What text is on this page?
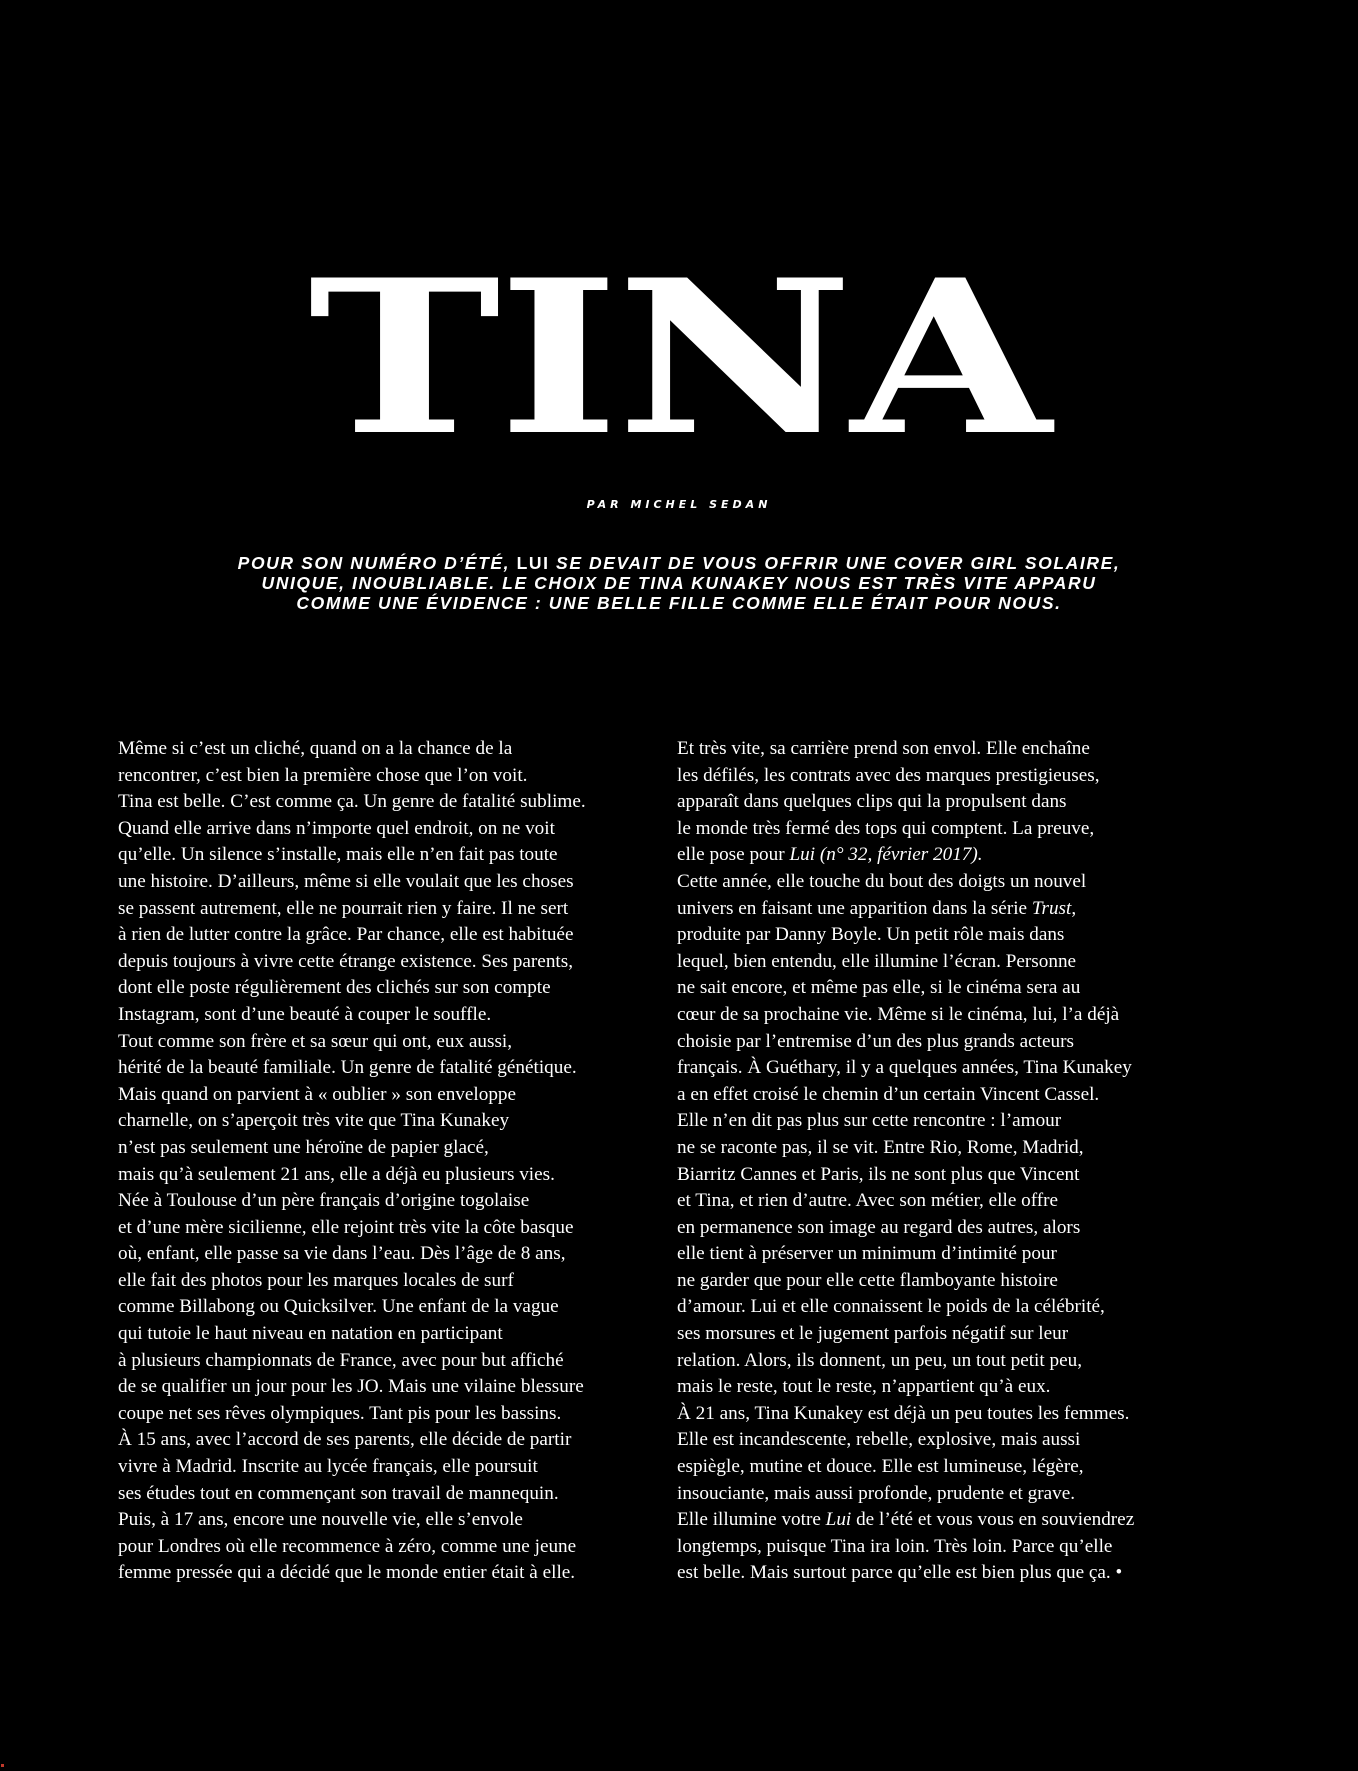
TINA
PAR MICHEL SEDAN
POUR SON NUMÉRO D’ÉTÉ, LUI SE DEVAIT DE VOUS OFFRIR UNE COVER GIRL SOLAIRE,
UNIQUE, INOUBLIABLE. LE CHOIX DE TINA KUNAKEY NOUS EST TRÈS VITE APPARU
COMME UNE ÉVIDENCE : UNE BELLE FILLE COMME ELLE ÉTAIT POUR NOUS.

Même si c’est un cliché, quand on a la chance de la

rencontrer, c’est bien la première chose que l’on voit.

Tina est belle. C’est comme ça. Un genre de fatalité sublime.

Quand elle arrive dans n’importe quel endroit, on ne voit

qu’elle. Un silence s’installe, mais elle n’en fait pas toute

une histoire. D’ailleurs, même si elle voulait que les choses

se passent autrement, elle ne pourrait rien y faire. Il ne sert

à rien de lutter contre la grâce. Par chance, elle est habituée

depuis toujours à vivre cette étrange existence. Ses parents,

dont elle poste régulièrement des clichés sur son compte

Instagram, sont d’une beauté à couper le souffle.

Tout comme son frère et sa sœur qui ont, eux aussi,

hérité de la beauté familiale. Un genre de fatalité génétique.

Mais quand on parvient à « oublier » son enveloppe

charnelle, on s’aperçoit très vite que Tina Kunakey

n’est pas seulement une héroïne de papier glacé,

mais qu’à seulement 21 ans, elle a déjà eu plusieurs vies.

Née à Toulouse d’un père français d’origine togolaise

et d’une mère sicilienne, elle rejoint très vite la côte basque

où, enfant, elle passe sa vie dans l’eau. Dès l’âge de 8 ans,

elle fait des photos pour les marques locales de surf

comme Billabong ou Quicksilver. Une enfant de la vague

qui tutoie le haut niveau en natation en participant

à plusieurs championnats de France, avec pour but affiché

de se qualifier un jour pour les JO. Mais une vilaine blessure

coupe net ses rêves olympiques. Tant pis pour les bassins.

À 15 ans, avec l’accord de ses parents, elle décide de partir

vivre à Madrid. Inscrite au lycée français, elle poursuit

ses études tout en commençant son travail de mannequin.

Puis, à 17 ans, encore une nouvelle vie, elle s’envole

pour Londres où elle recommence à zéro, comme une jeune

femme pressée qui a décidé que le monde entier était à elle.

Et très vite, sa carrière prend son envol. Elle enchaîne

les défilés, les contrats avec des marques prestigieuses,

apparaît dans quelques clips qui la propulsent dans

le monde très fermé des tops qui comptent. La preuve,

elle pose pour Lui (n° 32, février 2017).

Cette année, elle touche du bout des doigts un nouvel

univers en faisant une apparition dans la série Trust,

produite par Danny Boyle. Un petit rôle mais dans

lequel, bien entendu, elle illumine l’écran. Personne

ne sait encore, et même pas elle, si le cinéma sera au

cœur de sa prochaine vie. Même si le cinéma, lui, l’a déjà

choisie par l’entremise d’un des plus grands acteurs

français. À Guéthary, il y a quelques années, Tina Kunakey

a en effet croisé le chemin d’un certain Vincent Cassel.

Elle n’en dit pas plus sur cette rencontre : l’amour

ne se raconte pas, il se vit. Entre Rio, Rome, Madrid,

Biarritz Cannes et Paris, ils ne sont plus que Vincent

et Tina, et rien d’autre. Avec son métier, elle offre

en permanence son image au regard des autres, alors

elle tient à préserver un minimum d’intimité pour

ne garder que pour elle cette flamboyante histoire

d’amour. Lui et elle connaissent le poids de la célébrité,

ses morsures et le jugement parfois négatif sur leur

relation. Alors, ils donnent, un peu, un tout petit peu,

mais le reste, tout le reste, n’appartient qu’à eux.

À 21 ans, Tina Kunakey est déjà un peu toutes les femmes.

Elle est incandescente, rebelle, explosive, mais aussi

espiègle, mutine et douce. Elle est lumineuse, légère,

insouciante, mais aussi profonde, prudente et grave.

Elle illumine votre Lui de l’été et vous vous en souviendrez

longtemps, puisque Tina ira loin. Très loin. Parce qu’elle

est belle. Mais surtout parce qu’elle est bien plus que ça. •
